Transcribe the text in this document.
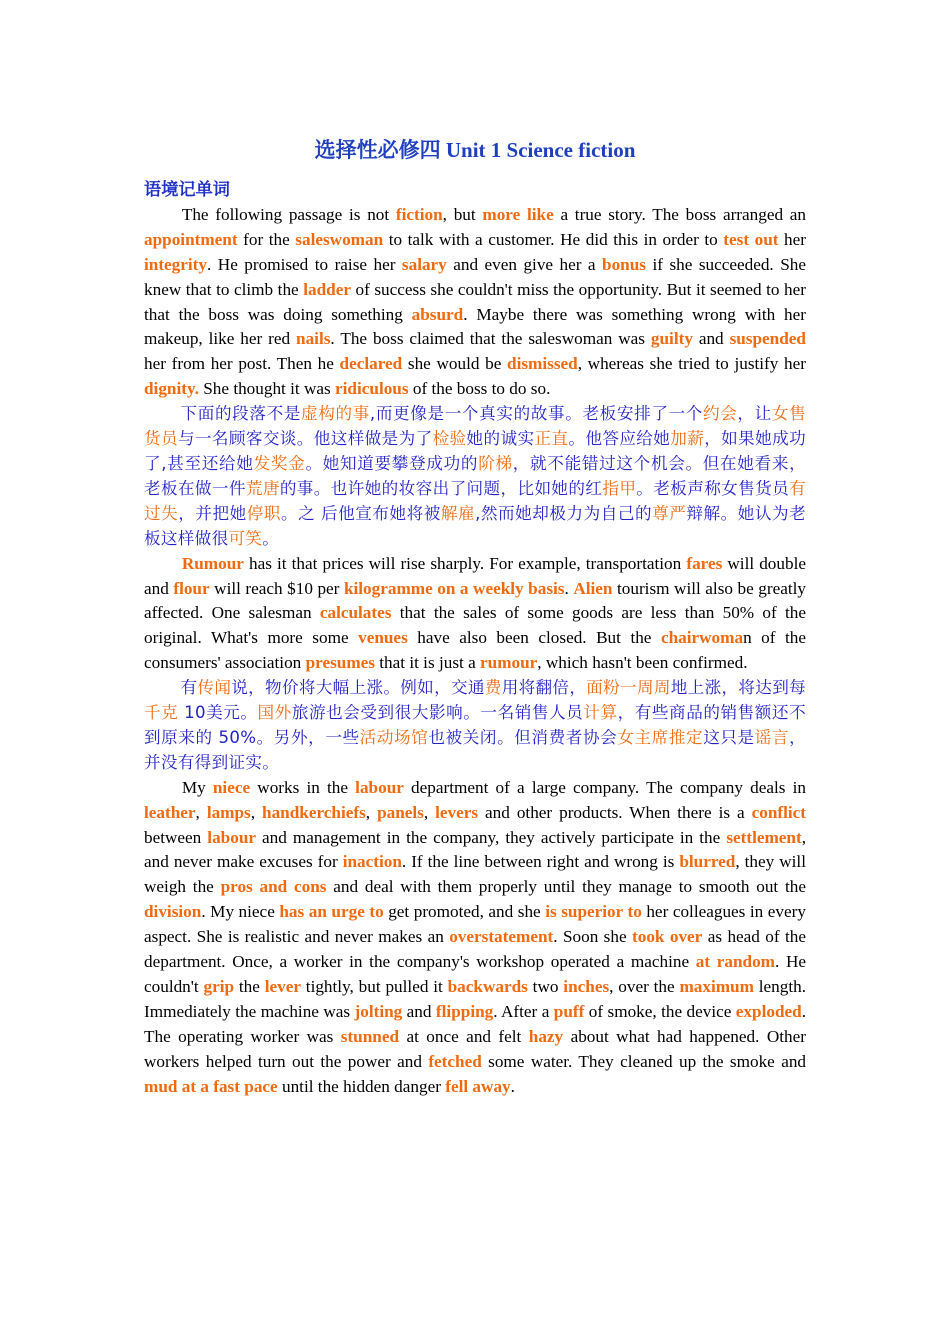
选择性必修四 Unit 1 Science fiction
语境记单词

The following passage is not fiction, but more like a true story. The boss arranged an appointment for the saleswoman to talk with a customer. He did this in order to test out her integrity. He promised to raise her salary and even give her a bonus if she succeeded. She knew that to climb the ladder of success she couldn't miss the opportunity. But it seemed to her that the boss was doing something absurd. Maybe there was something wrong with her makeup, like her red nails. The boss claimed that the saleswoman was guilty and suspended her from her post. Then he declared she would be dismissed, whereas she tried to justify her dignity. She thought it was ridiculous of the boss to do so.

下面的段落不是虚构的事,而更像是一个真实的故事。老板安排了一个约会，让女售货员与一名顾客交谈。他这样做是为了检验她的诚实正直。他答应给她加薪，如果她成功了,甚至还给她发奖金。她知道要攀登成功的阶梯，就不能错过这个机会。但在她看来，老板在做一件荒唐的事。也许她的妆容出了问题，比如她的红指甲。老板声称女售货员有过失，并把她停职。之 后他宣布她将被解雇,然而她却极力为自己的尊严辩解。她认为老板这样做很可笑。

Rumour has it that prices will rise sharply. For example, transportation fares will double and flour will reach $10 per kilogramme on a weekly basis. Alien tourism will also be greatly affected. One salesman calculates that the sales of some goods are less than 50% of the original. What's more some venues have also been closed. But the chairwoman of the consumers' association presumes that it is just a rumour, which hasn't been confirmed.

有传闻说，物价将大幅上涨。例如，交通费用将翻倍，面粉一周周地上涨，将达到每千克 10美元。国外旅游也会受到很大影响。一名销售人员计算，有些商品的销售额还不到原来的 50%。另外，一些活动场馆也被关闭。但消费者协会女主席推定这只是谣言，并没有得到证实。

My niece works in the labour department of a large company. The company deals in leather, lamps, handkerchiefs, panels, levers and other products. When there is a conflict between labour and management in the company, they actively participate in the settlement, and never make excuses for inaction. If the line between right and wrong is blurred, they will weigh the pros and cons and deal with them properly until they manage to smooth out the division. My niece has an urge to get promoted, and she is superior to her colleagues in every aspect. She is realistic and never makes an overstatement. Soon she took over as head of the department. Once, a worker in the company's workshop operated a machine at random. He couldn't grip the lever tightly, but pulled it backwards two inches, over the maximum length. Immediately the machine was jolting and flipping. After a puff of smoke, the device exploded. The operating worker was stunned at once and felt hazy about what had happened. Other workers helped turn out the power and fetched some water. They cleaned up the smoke and mud at a fast pace until the hidden danger fell away.
